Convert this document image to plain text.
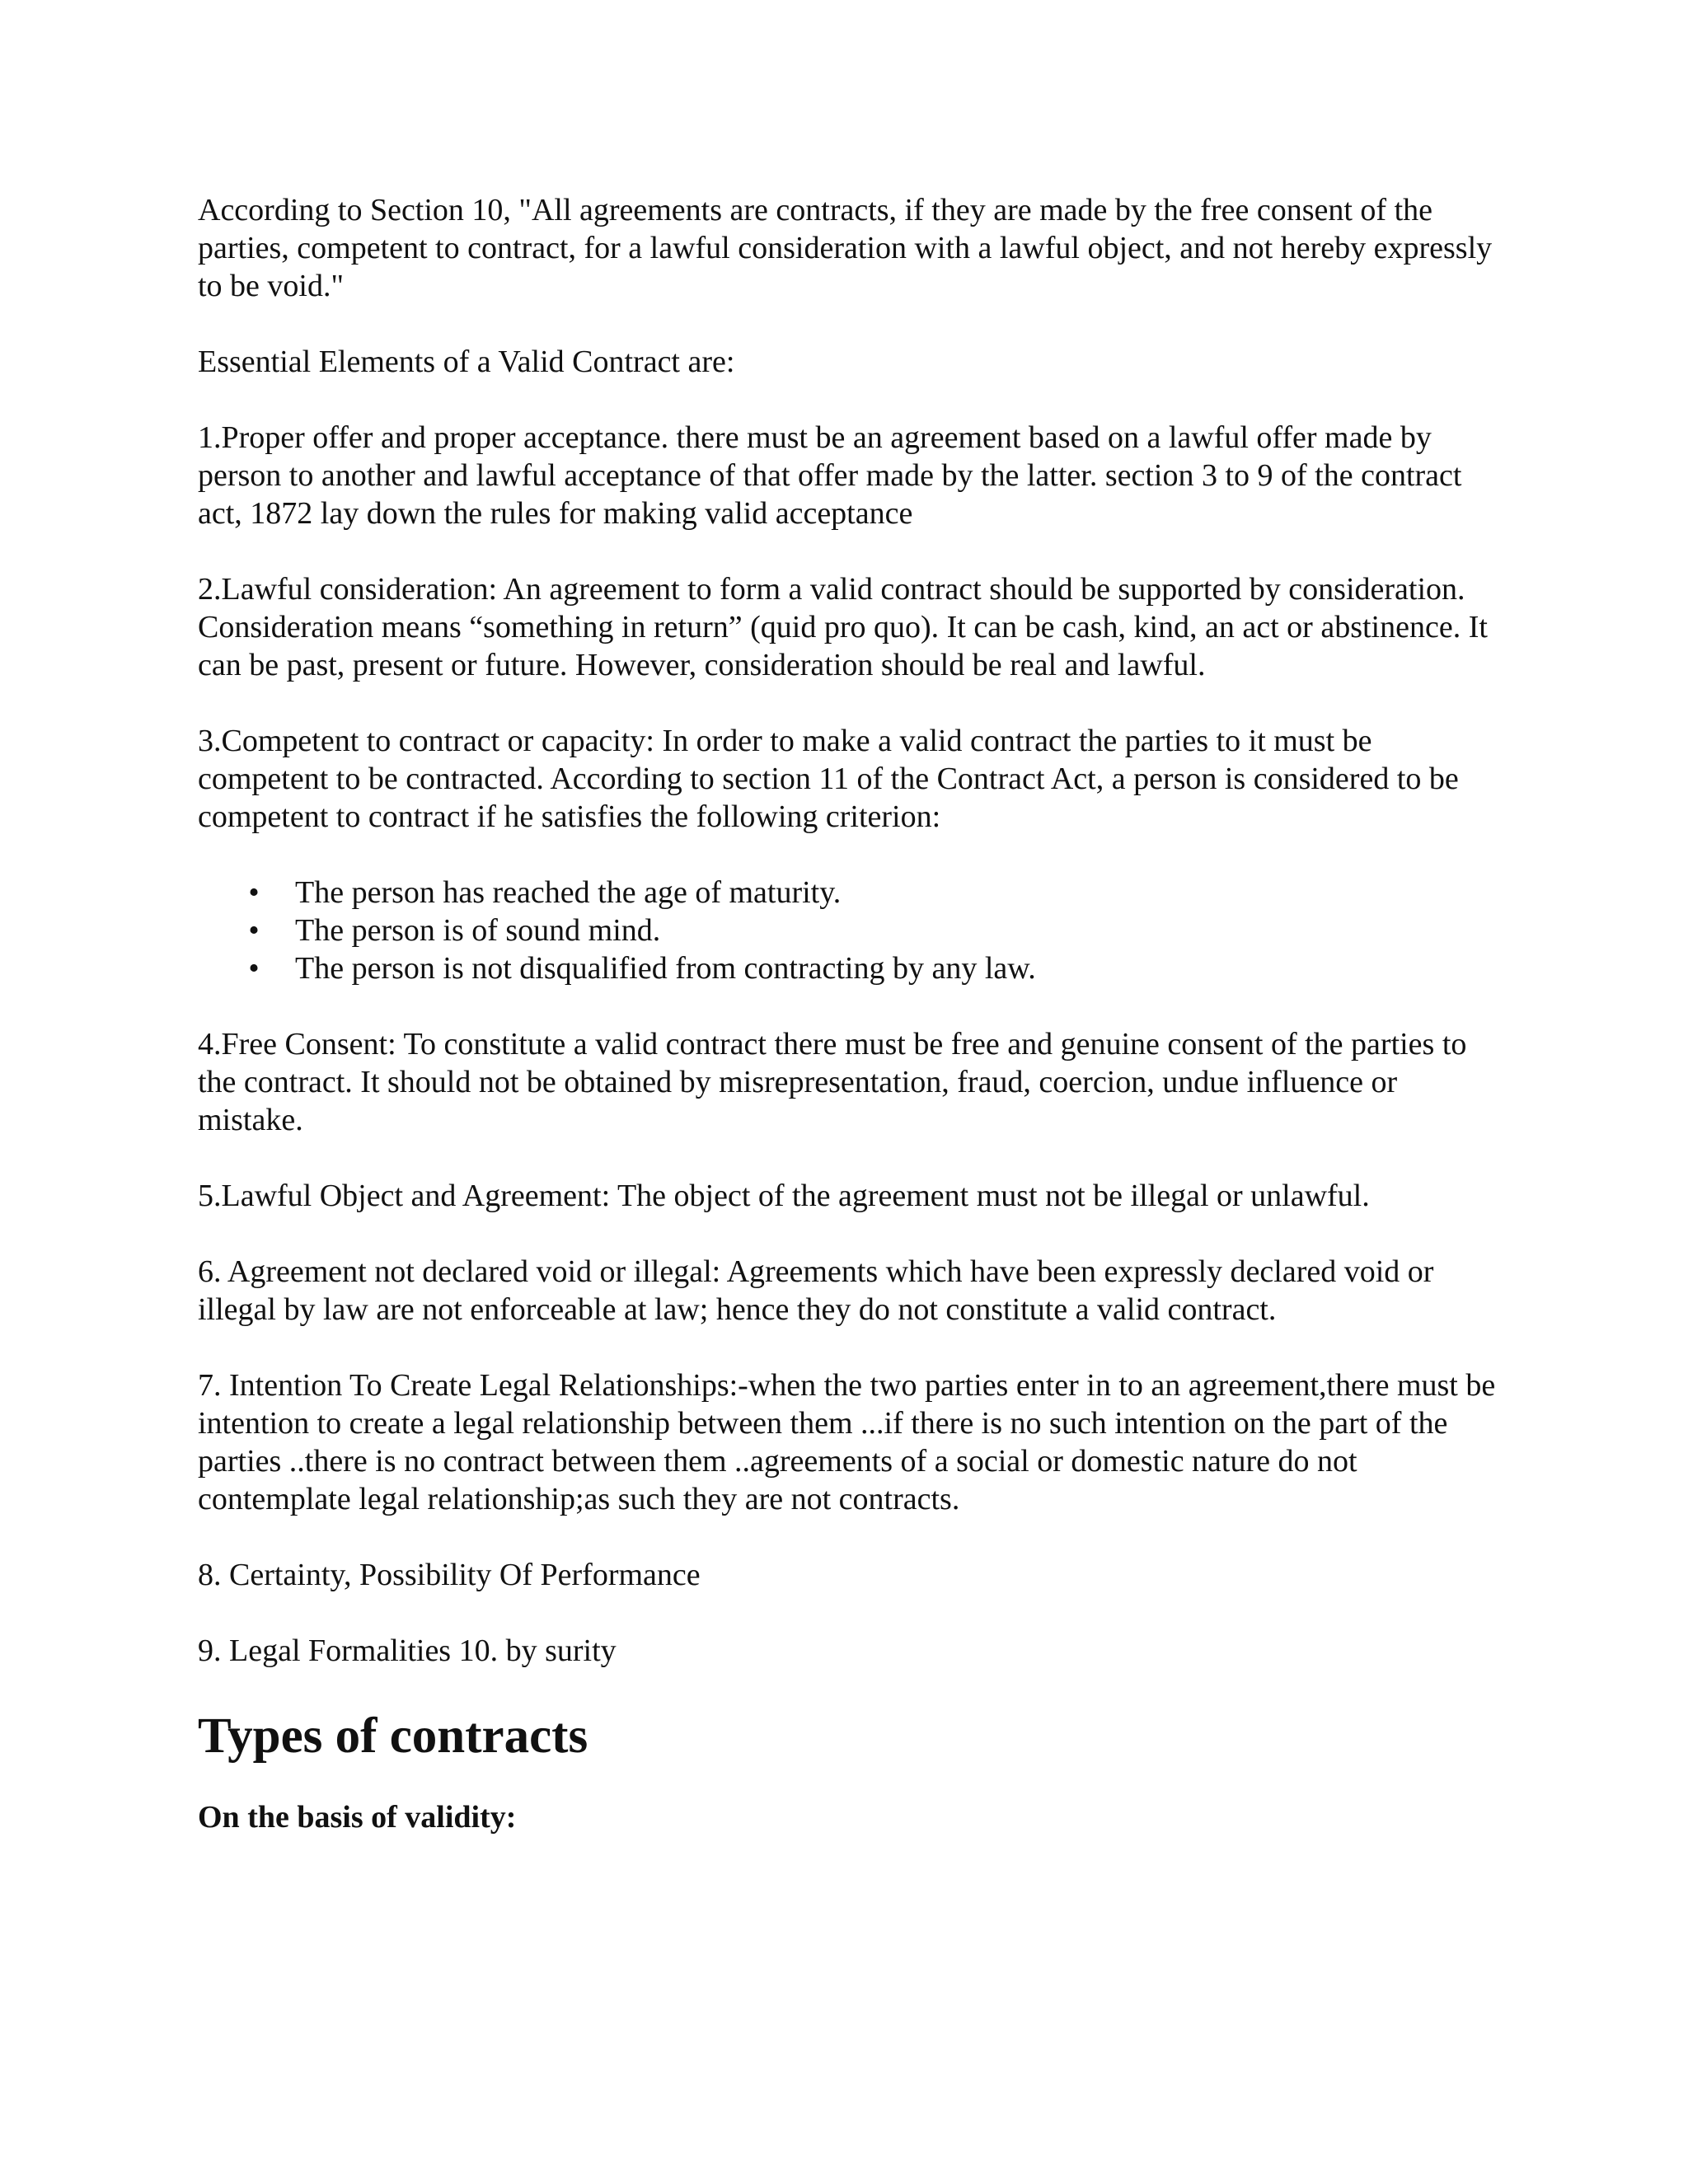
According to Section 10, "All agreements are contracts, if they are made by the free consent of the parties, competent to contract, for a lawful consideration with a lawful object, and not hereby expressly to be void."

Essential Elements of a Valid Contract are:

1.Proper offer and proper acceptance. there must be an agreement based on a lawful offer made by person to another and lawful acceptance of that offer made by the latter. section 3 to 9 of the contract act, 1872 lay down the rules for making valid acceptance

2.Lawful consideration: An agreement to form a valid contract should be supported by consideration. Consideration means “something in return” (quid pro quo). It can be cash, kind, an act or abstinence. It can be past, present or future. However, consideration should be real and lawful.

3.Competent to contract or capacity: In order to make a valid contract the parties to it must be competent to be contracted. According to section 11 of the Contract Act, a person is considered to be competent to contract if he satisfies the following criterion:

• The person has reached the age of maturity.
• The person is of sound mind.
• The person is not disqualified from contracting by any law.

4.Free Consent: To constitute a valid contract there must be free and genuine consent of the parties to the contract. It should not be obtained by misrepresentation, fraud, coercion, undue influence or mistake.

5.Lawful Object and Agreement: The object of the agreement must not be illegal or unlawful.

6. Agreement not declared void or illegal: Agreements which have been expressly declared void or illegal by law are not enforceable at law; hence they do not constitute a valid contract.

7. Intention To Create Legal Relationships:-when the two parties enter in to an agreement,there must be intention to create a legal relationship between them ...if there is no such intention on the part of the parties ..there is no contract between them ..agreements of a social or domestic nature do not contemplate legal relationship;as such they are not contracts.

8. Certainty, Possibility Of Performance

9. Legal Formalities 10. by surity

Types of contracts

On the basis of validity:
